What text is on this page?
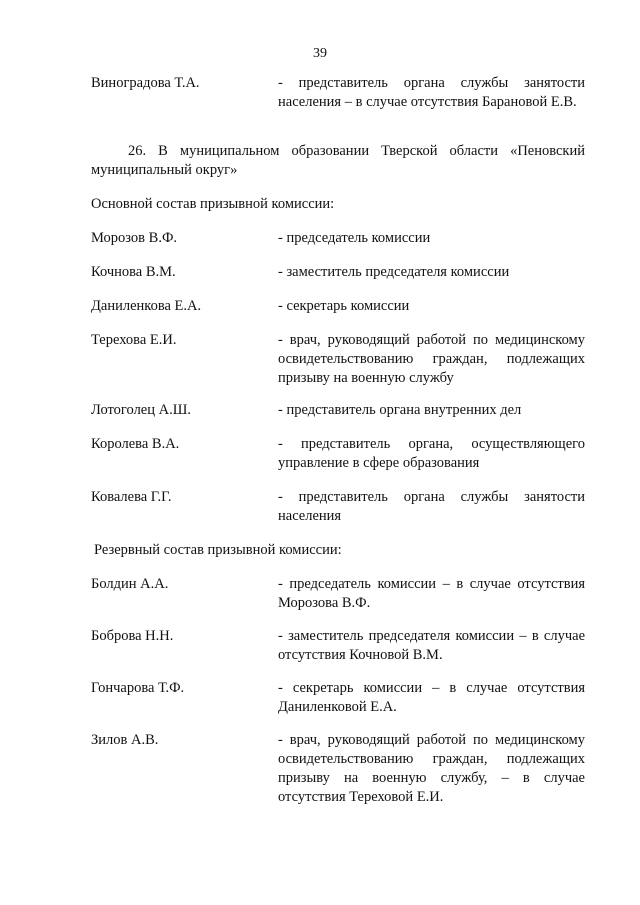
39
Виноградова Т.А.	- представитель органа службы занятости населения – в случае отсутствия Барановой Е.В.
26. В муниципальном образовании Тверской области «Пеновский муниципальный округ»
Основной состав призывной комиссии:
Морозов В.Ф.	- председатель комиссии
Кочнова В.М.	- заместитель председателя комиссии
Даниленкова Е.А.	- секретарь комиссии
Терехова Е.И.	- врач, руководящий работой по медицинскому освидетельствованию граждан, подлежащих призыву на военную службу
Лотоголец А.Ш.	- представитель органа внутренних дел
Королева В.А.	- представитель органа, осуществляющего управление в сфере образования
Ковалева Г.Г.	- представитель органа службы занятости населения
Резервный состав призывной комиссии:
Болдин А.А.	- председатель комиссии – в случае отсутствия Морозова В.Ф.
Боброва Н.Н.	- заместитель председателя комиссии – в случае отсутствия Кочновой В.М.
Гончарова Т.Ф.	- секретарь комиссии – в случае отсутствия Даниленковой Е.А.
Зилов А.В.	- врач, руководящий работой по медицинскому освидетельствованию граждан, подлежащих призыву на военную службу, – в случае отсутствия Тереховой Е.И.
